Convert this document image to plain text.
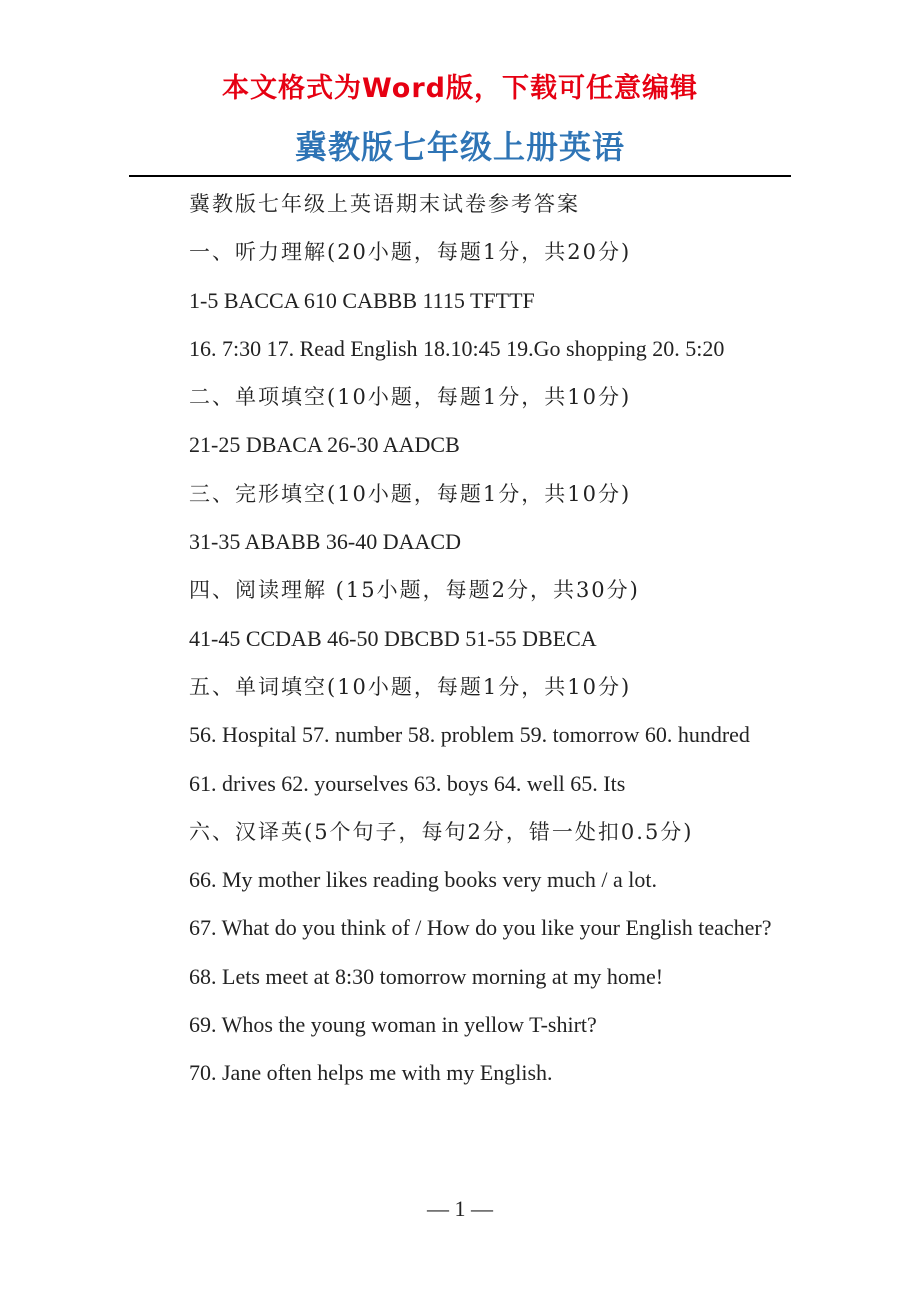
本文格式为Word版，下载可任意编辑
冀教版七年级上册英语

冀教版七年级上英语期末试卷参考答案

一、听力理解(20小题，每题1分，共20分)

1-5 BACCA 610 CABBB 1115 TFTTF

16. 7:30 17. Read English 18.10:45 19.Go shopping 20. 5:20

二、单项填空(10小题，每题1分，共10分)

21-25 DBACA 26-30 AADCB

三、完形填空(10小题，每题1分，共10分)

31-35 ABABB 36-40 DAACD

四、阅读理解 (15小题，每题2分，共30分)

41-45 CCDAB 46-50 DBCBD 51-55 DBECA

五、单词填空(10小题，每题1分，共10分)

56. Hospital 57. number 58. problem 59. tomorrow 60. hundred

61. drives 62. yourselves 63. boys 64. well 65. Its

六、汉译英(5个句子，每句2分，错一处扣0.5分)

66. My mother likes reading books very much / a lot.

67. What do you think of / How do you like your English teacher?

68. Lets meet at 8:30 tomorrow morning at my home!

69. Whos the young woman in yellow T-shirt?

70. Jane often helps me with my English.

— 1 —
